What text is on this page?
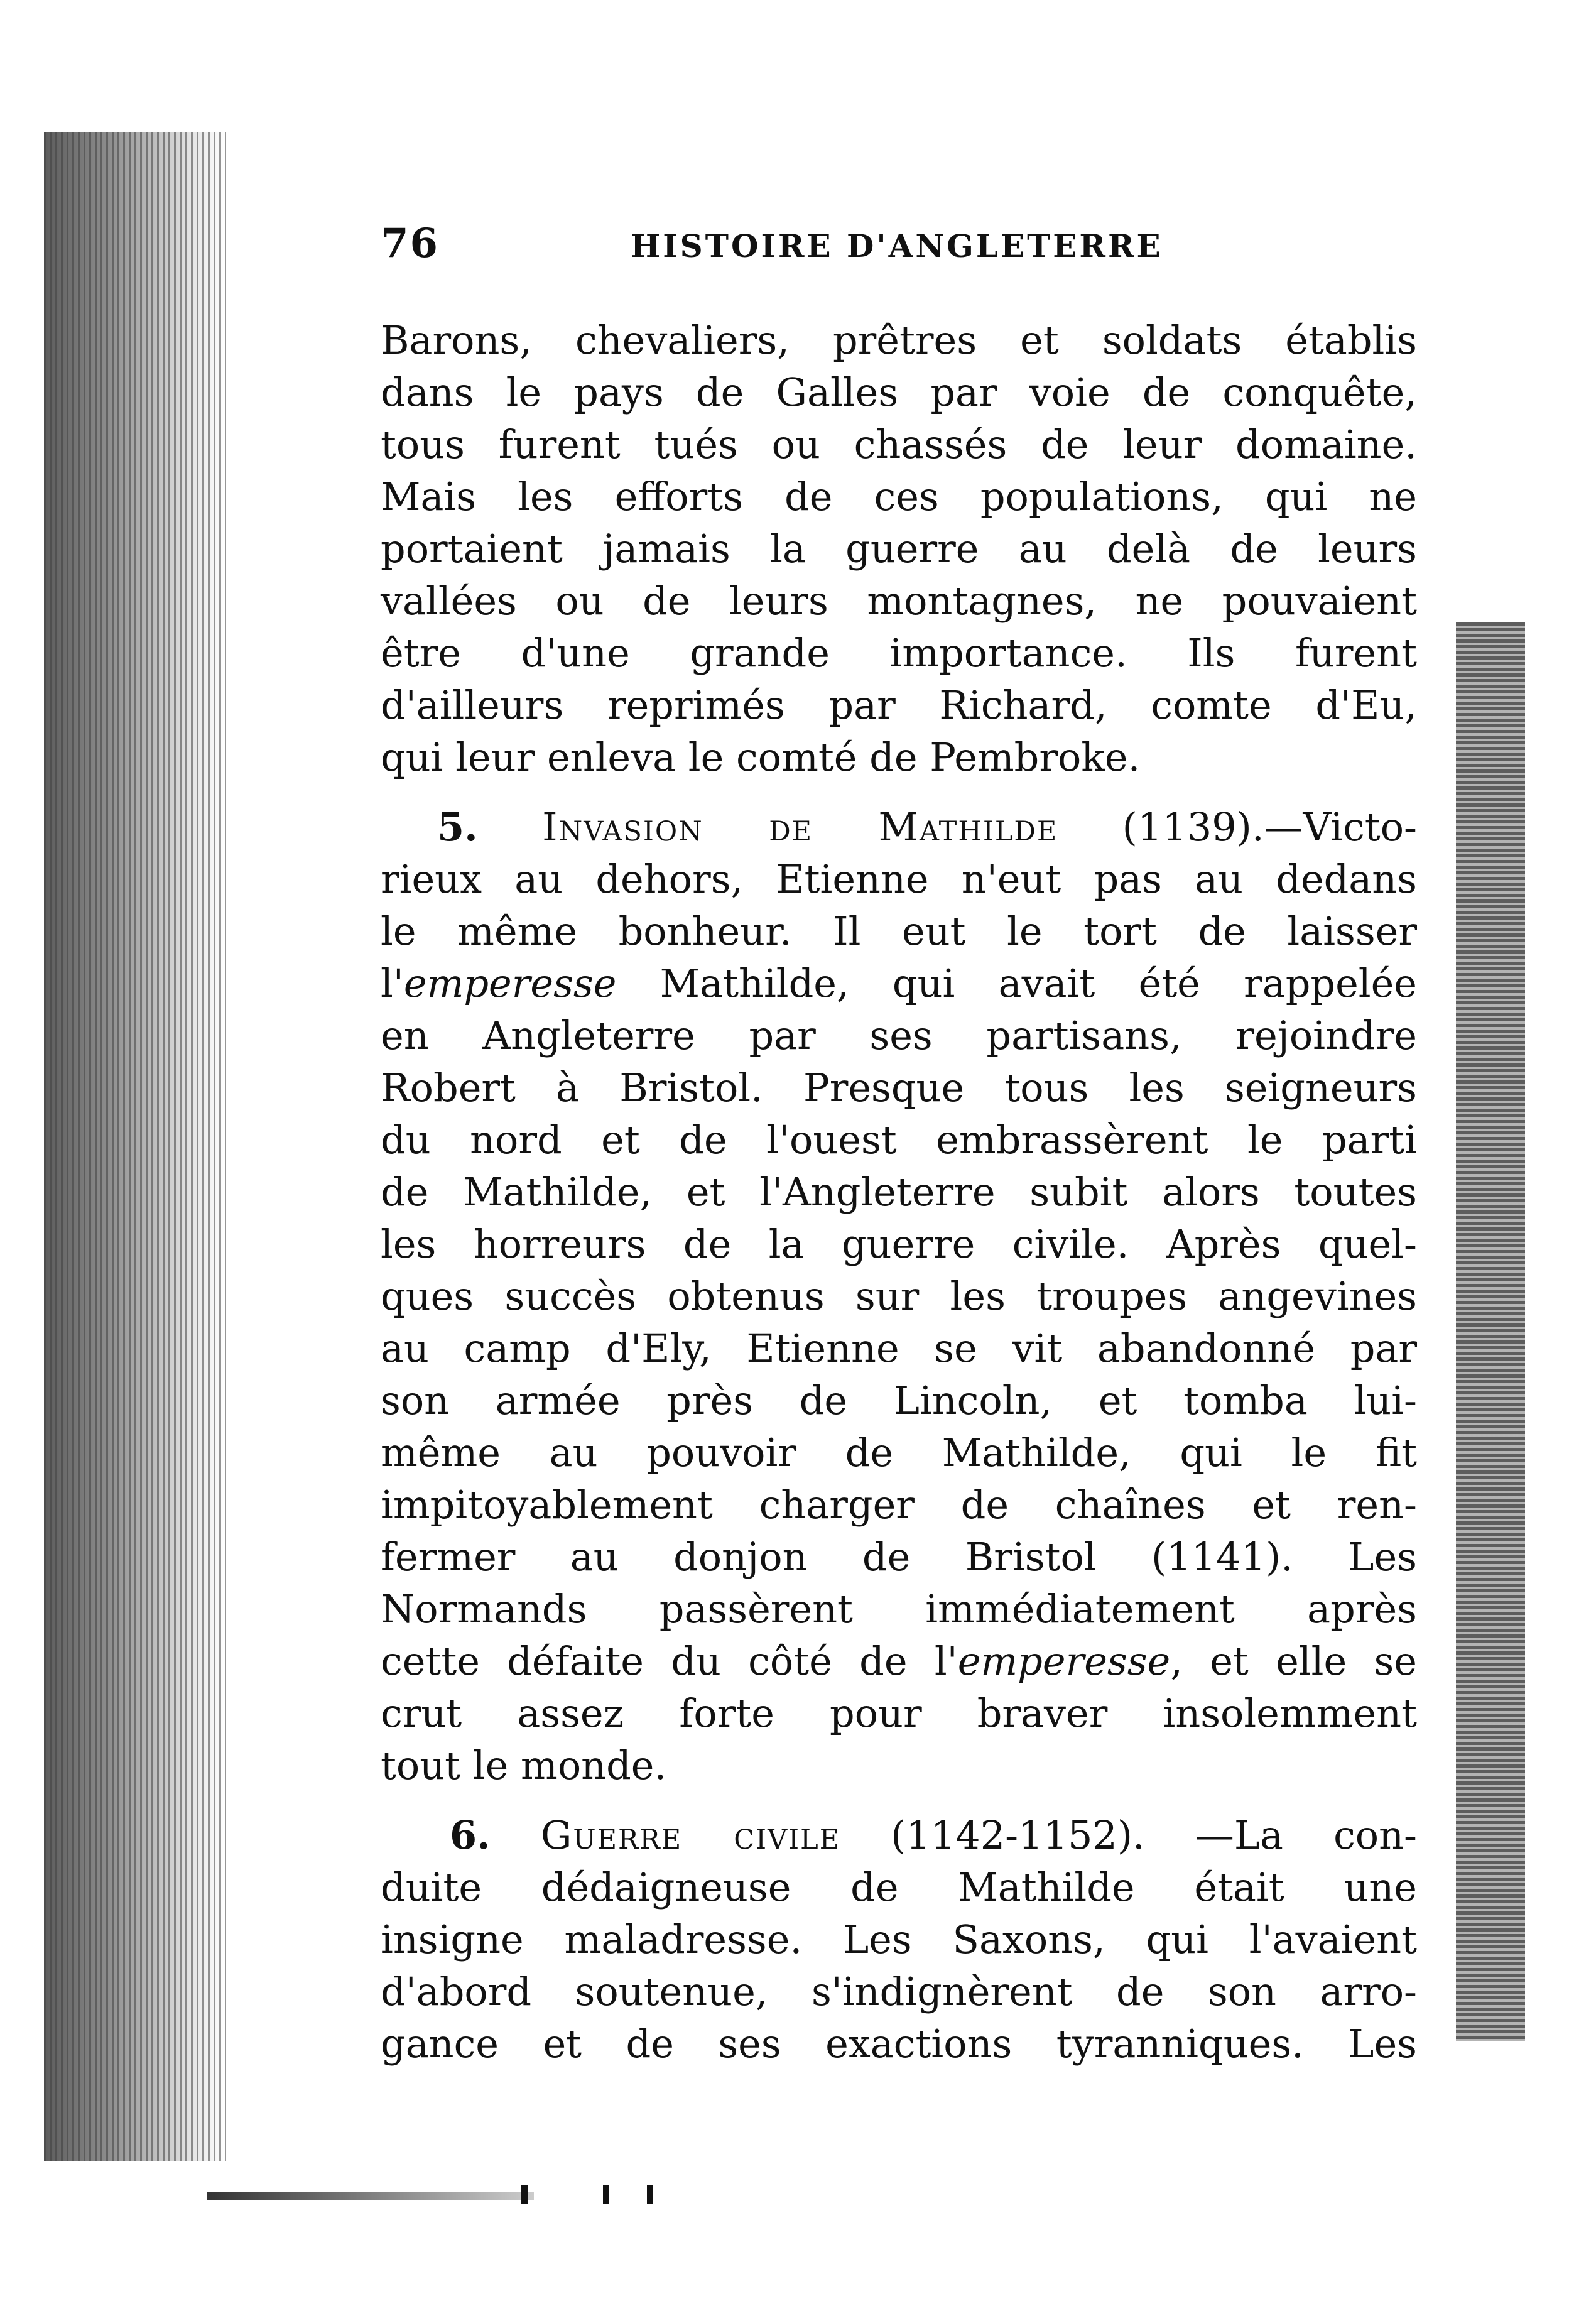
76	HISTOIRE D'ANGLETERRE
Barons, chevaliers, prêtres et soldats établis
dans le pays de Galles par voie de conquête,
tous furent tués ou chassés de leur domaine.
Mais les efforts de ces populations, qui ne
portaient jamais la guerre au delà de leurs
vallées ou de leurs montagnes, ne pouvaient
être d'une grande importance. Ils furent
d'ailleurs reprimés par Richard, comte d'Eu,
qui leur enleva le comté de Pembroke.
5. Invasion de Mathilde (1139).—Victo-
rieux au dehors, Etienne n'eut pas au dedans
le même bonheur. Il eut le tort de laisser
l'emperesse Mathilde, qui avait été rappelée
en Angleterre par ses partisans, rejoindre
Robert à Bristol. Presque tous les seigneurs
du nord et de l'ouest embrassèrent le parti
de Mathilde, et l'Angleterre subit alors toutes
les horreurs de la guerre civile. Après quel-
ques succès obtenus sur les troupes angevines
au camp d'Ely, Etienne se vit abandonné par
son armée près de Lincoln, et tomba lui-
même au pouvoir de Mathilde, qui le fit
impitoyablement charger de chaînes et ren-
fermer au donjon de Bristol (1141). Les
Normands passèrent immédiatement après
cette défaite du côté de l'emperesse, et elle se
crut assez forte pour braver insolemment
tout le monde.
6. Guerre civile (1142-1152). —La con-
duite dédaigneuse de Mathilde était une
insigne maladresse. Les Saxons, qui l'avaient
d'abord soutenue, s'indignèrent de son arro-
gance et de ses exactions tyranniques. Les
